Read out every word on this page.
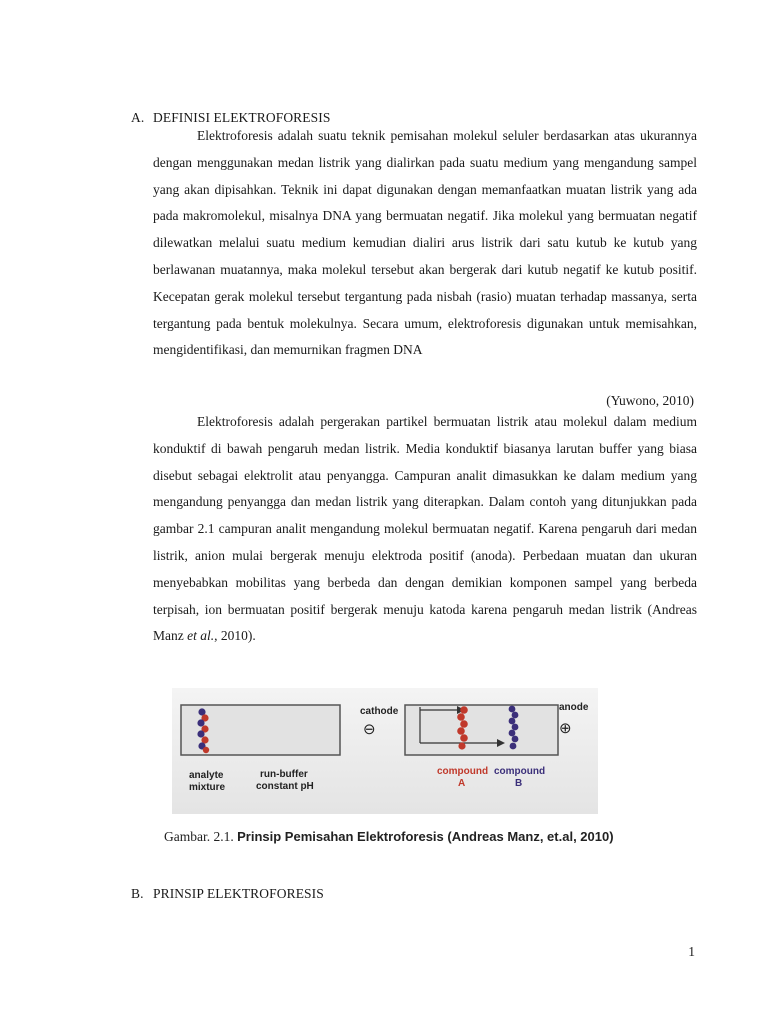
A. DEFINISI ELEKTROFORESIS
Elektroforesis adalah suatu teknik pemisahan molekul seluler berdasarkan atas ukurannya dengan menggunakan medan listrik yang dialirkan pada suatu medium yang mengandung sampel yang akan dipisahkan. Teknik ini dapat digunakan dengan memanfaatkan muatan listrik yang ada pada makromolekul, misalnya DNA yang bermuatan negatif. Jika molekul yang bermuatan negatif dilewatkan melalui suatu medium kemudian dialiri arus listrik dari satu kutub ke kutub yang berlawanan muatannya, maka molekul tersebut akan bergerak dari kutub negatif ke kutub positif. Kecepatan gerak molekul tersebut tergantung pada nisbah (rasio) muatan terhadap massanya, serta tergantung pada bentuk molekulnya. Secara umum, elektroforesis digunakan untuk memisahkan, mengidentifikasi, dan memurnikan fragmen DNA
(Yuwono, 2010)
Elektroforesis adalah pergerakan partikel bermuatan listrik atau molekul dalam medium konduktif di bawah pengaruh medan listrik. Media konduktif biasanya larutan buffer yang biasa disebut sebagai elektrolit atau penyangga. Campuran analit dimasukkan ke dalam medium yang mengandung penyangga dan medan listrik yang diterapkan. Dalam contoh yang ditunjukkan pada gambar 2.1 campuran analit mengandung molekul bermuatan negatif. Karena pengaruh dari medan listrik, anion mulai bergerak menuju elektroda positif (anoda). Perbedaan muatan dan ukuran menyebabkan mobilitas yang berbeda dan dengan demikian komponen sampel yang berbeda terpisah, ion bermuatan positif bergerak menuju katoda karena pengaruh medan listrik (Andreas Manz et al., 2010).
analyte
mixture
run-buffer
constant pH
cathode
⊖
anode
⊕
compound
A
compound
B
Gambar. 2.1. Prinsip Pemisahan Elektroforesis (Andreas Manz, et.al, 2010)
B. PRINSIP ELEKTROFORESIS
1
